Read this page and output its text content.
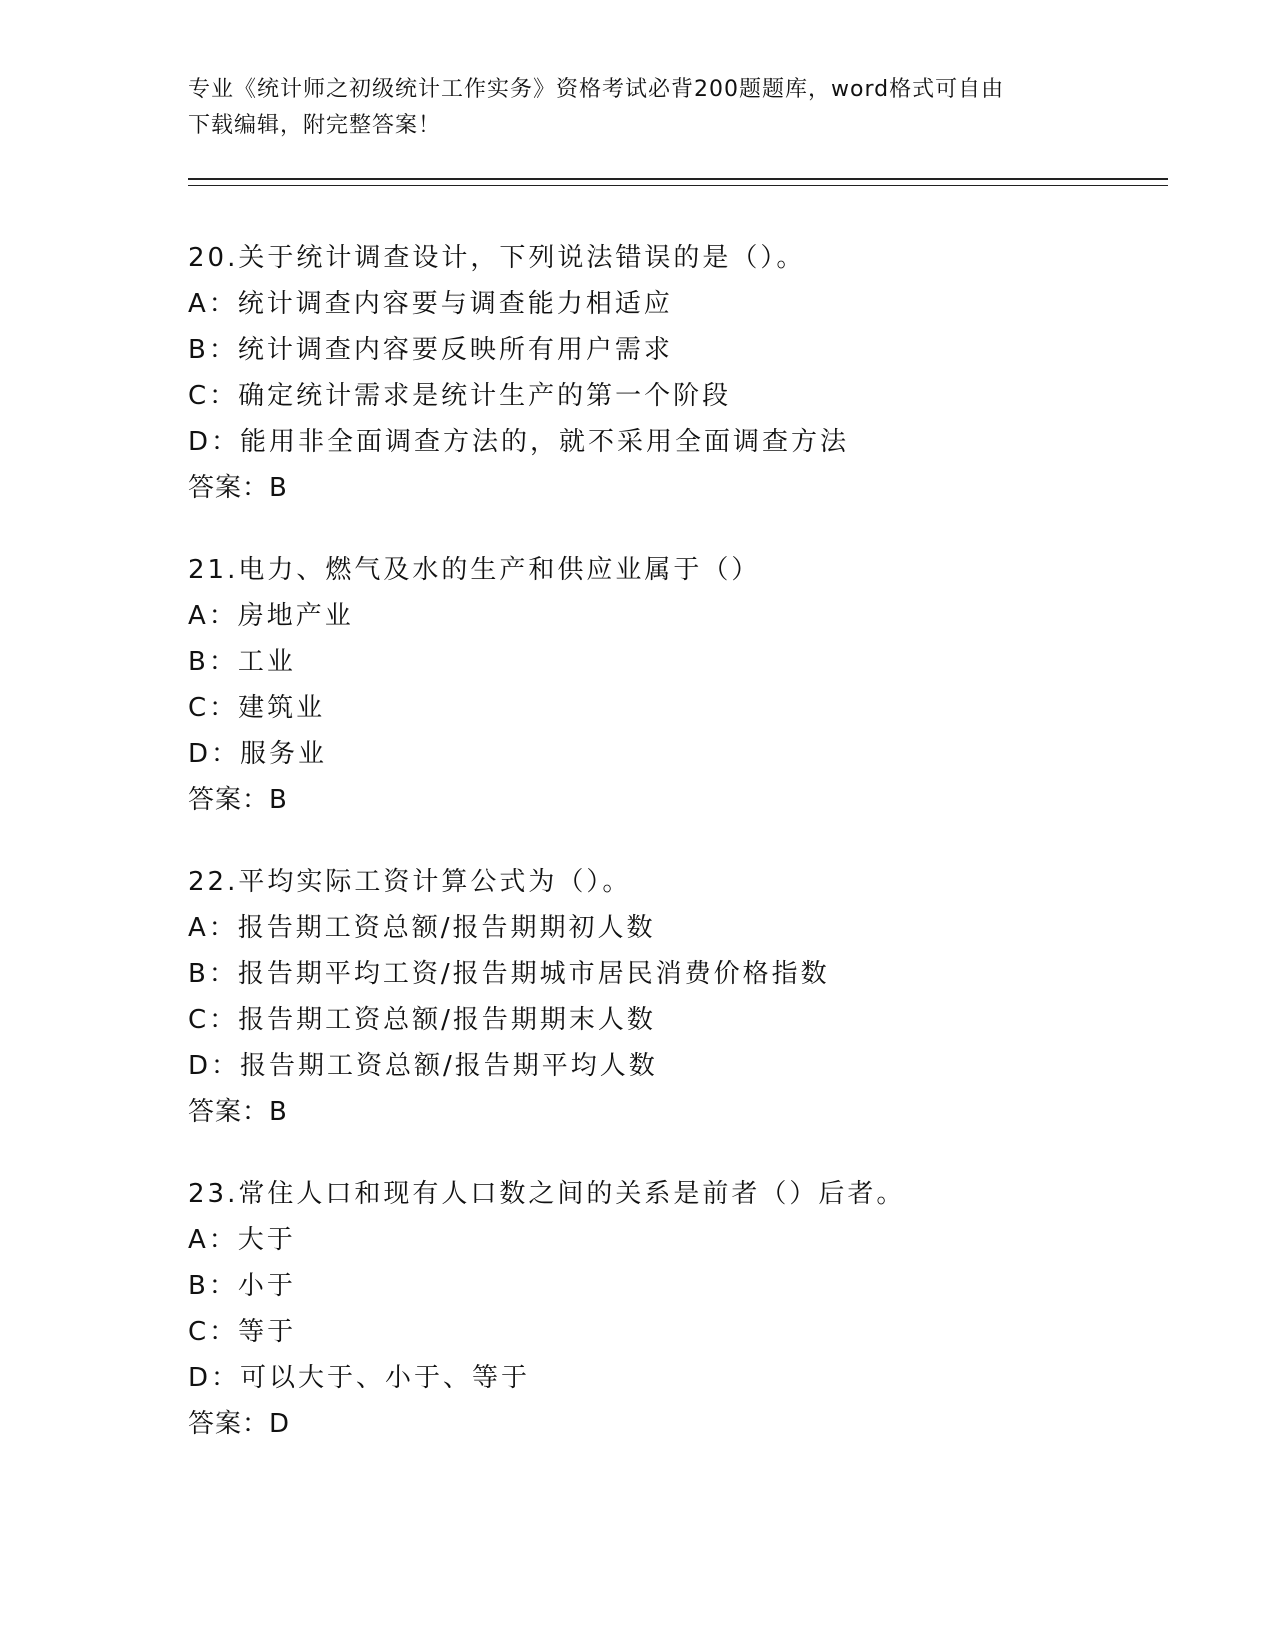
专业《统计师之初级统计工作实务》资格考试必背200题题库，word格式可自由
下载编辑，附完整答案！
20.关于统计调查设计，下列说法错误的是（）。
A：统计调查内容要与调查能力相适应
B：统计调查内容要反映所有用户需求
C：确定统计需求是统计生产的第一个阶段
D：能用非全面调查方法的，就不采用全面调查方法
答案：B
21.电力、燃气及水的生产和供应业属于（）
A：房地产业
B：工业
C：建筑业
D：服务业
答案：B
22.平均实际工资计算公式为（）。
A：报告期工资总额/报告期期初人数
B：报告期平均工资/报告期城市居民消费价格指数
C：报告期工资总额/报告期期末人数
D：报告期工资总额/报告期平均人数
答案：B
23.常住人口和现有人口数之间的关系是前者（）后者。
A：大于
B：小于
C：等于
D：可以大于、小于、等于
答案：D
